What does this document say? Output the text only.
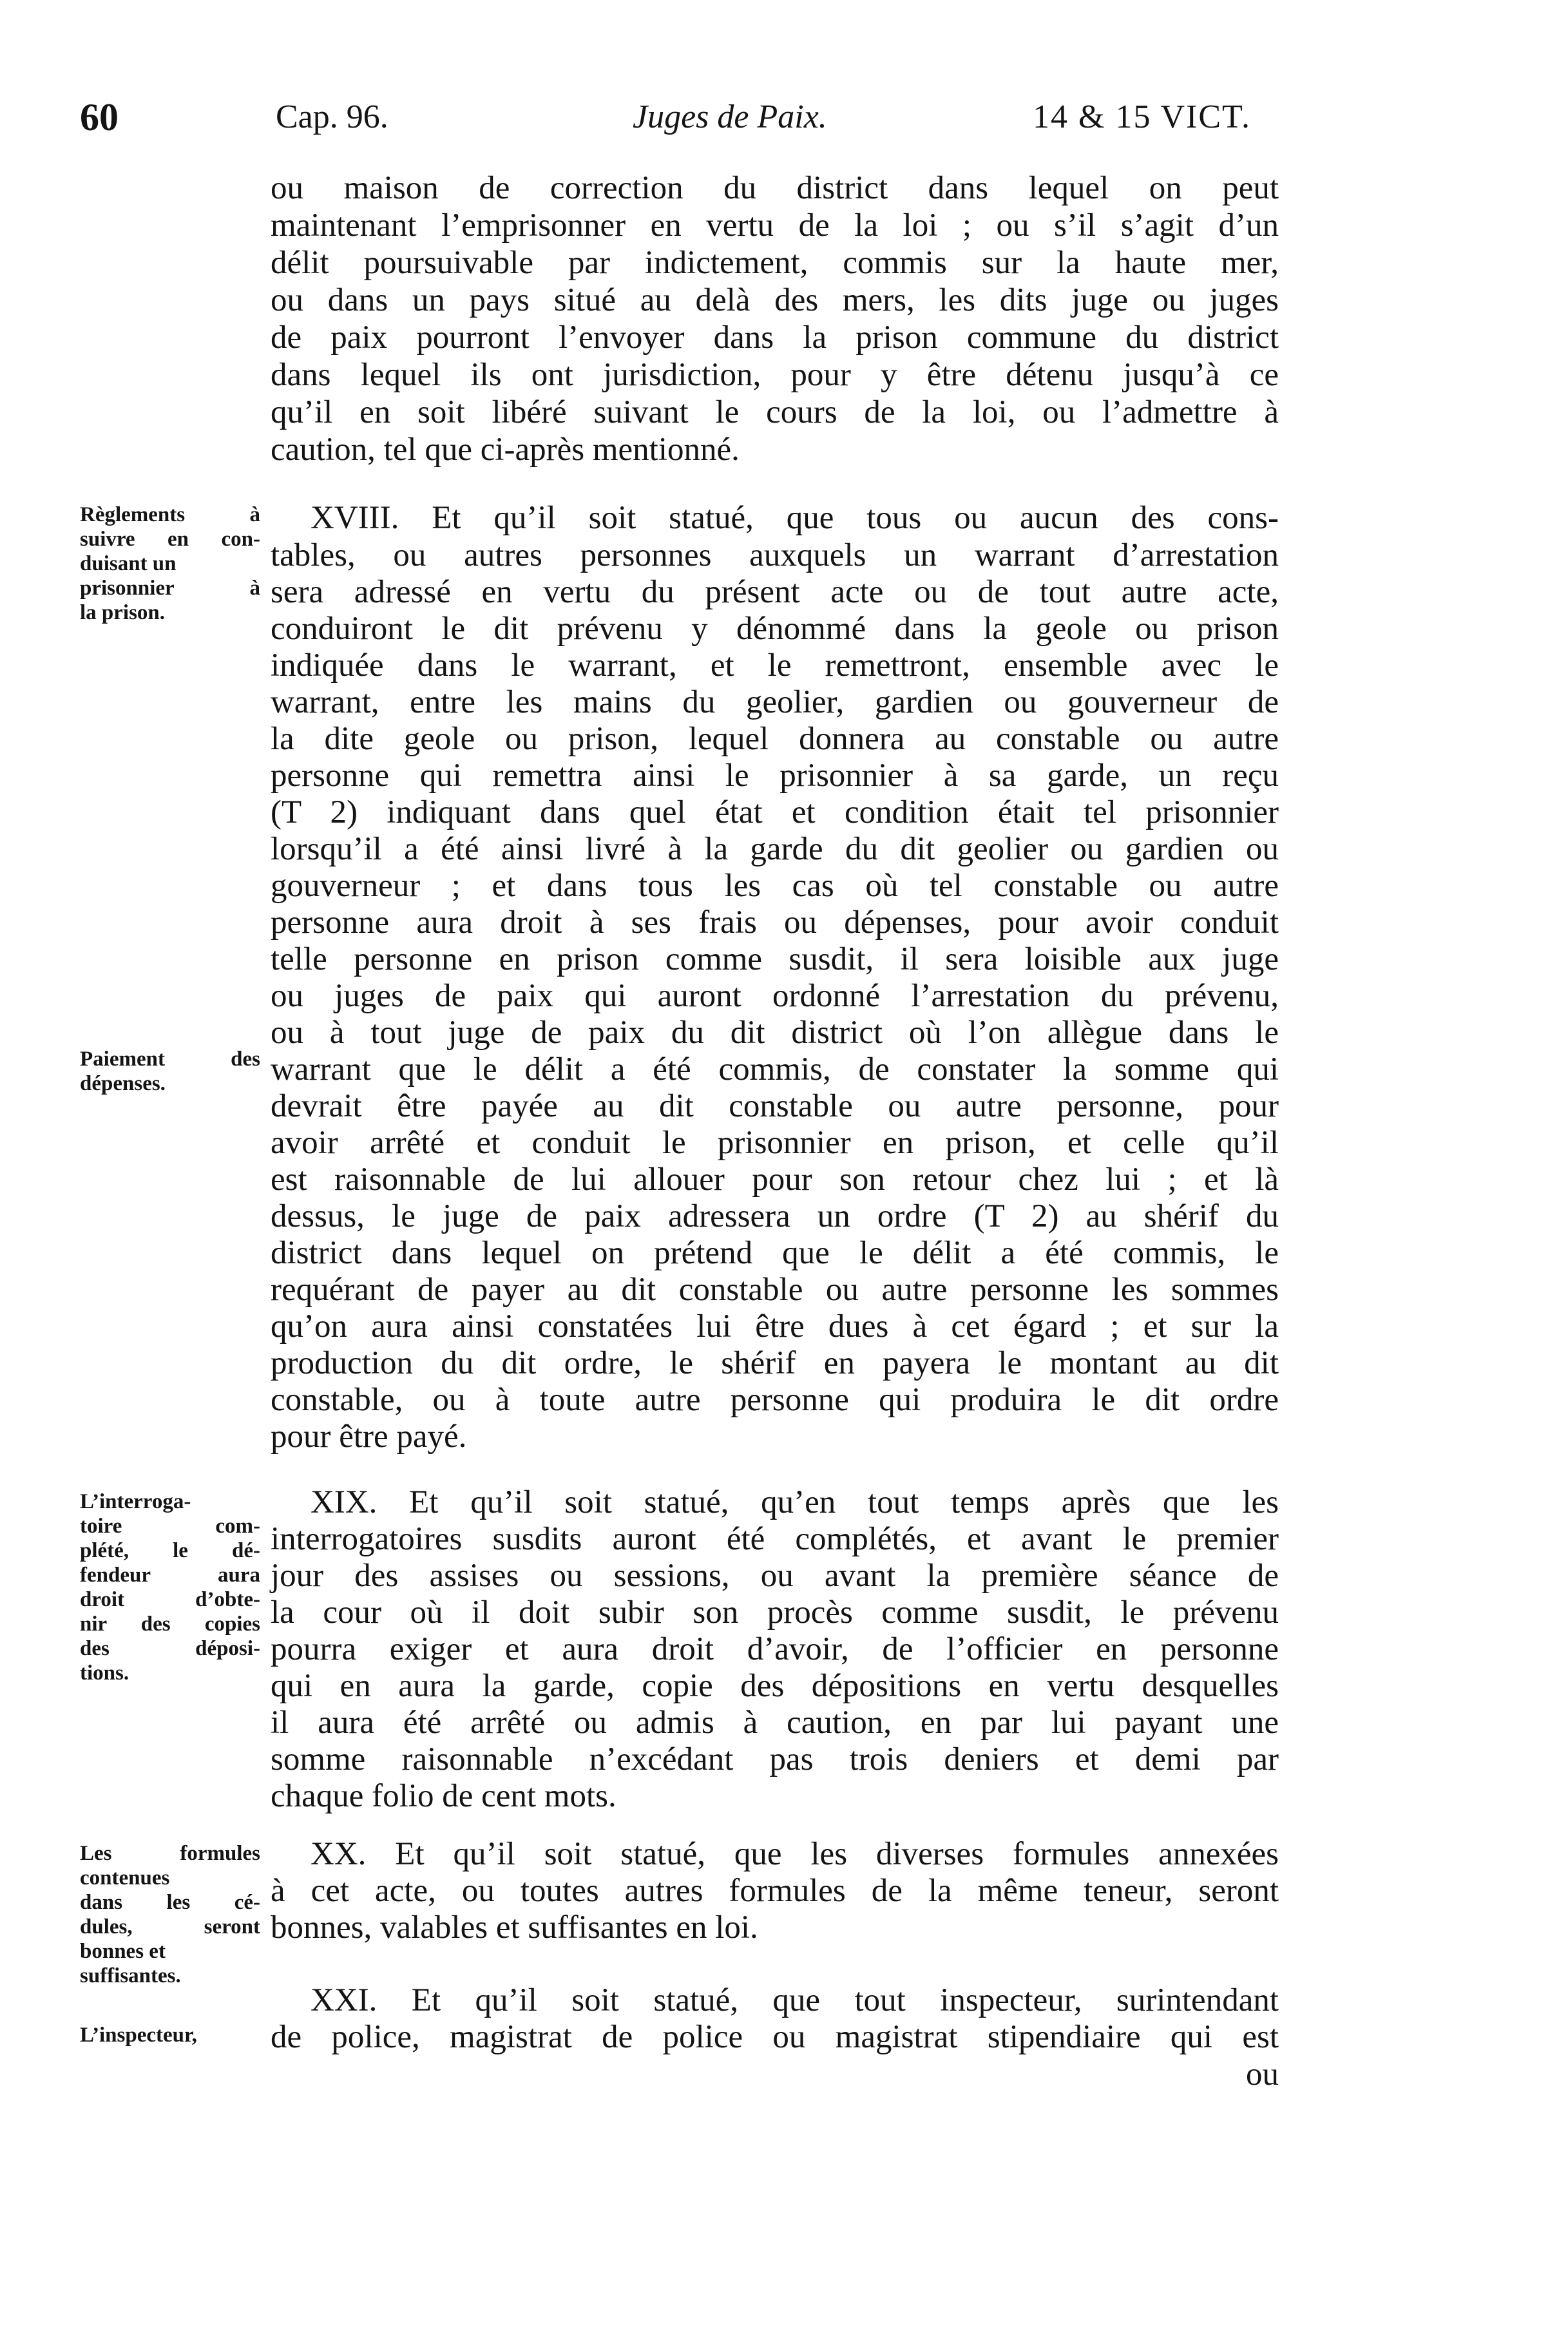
60	Cap. 96.	Juges de Paix.	14 & 15 VICT.
ou maison de correction du district dans lequel on peut
maintenant l’emprisonner en vertu de la loi ; ou s’il s’agit d’un
délit poursuivable par indictement, commis sur la haute mer,
ou dans un pays situé au delà des mers, les dits juge ou juges
de paix pourront l’envoyer dans la prison commune du district
dans lequel ils ont jurisdiction, pour y être détenu jusqu’à ce
qu’il en soit libéré suivant le cours de la loi, ou l’admettre à
caution, tel que ci-après mentionné.
XVIII. Et qu’il soit statué, que tous ou aucun des cons-
tables, ou autres personnes auxquels un warrant d’arrestation
sera adressé en vertu du présent acte ou de tout autre acte,
conduiront le dit prévenu y dénommé dans la geole ou prison
indiquée dans le warrant, et le remettront, ensemble avec le
warrant, entre les mains du geolier, gardien ou gouverneur de
la dite geole ou prison, lequel donnera au constable ou autre
personne qui remettra ainsi le prisonnier à sa garde, un reçu
(T 2) indiquant dans quel état et condition était tel prisonnier
lorsqu’il a été ainsi livré à la garde du dit geolier ou gardien ou
gouverneur ; et dans tous les cas où tel constable ou autre
personne aura droit à ses frais ou dépenses, pour avoir conduit
telle personne en prison comme susdit, il sera loisible aux juge
ou juges de paix qui auront ordonné l’arrestation du prévenu,
ou à tout juge de paix du dit district où l’on allègue dans le
warrant que le délit a été commis, de constater la somme qui
devrait être payée au dit constable ou autre personne, pour
avoir arrêté et conduit le prisonnier en prison, et celle qu’il
est raisonnable de lui allouer pour son retour chez lui ; et là
dessus, le juge de paix adressera un ordre (T 2) au shérif du
district dans lequel on prétend que le délit a été commis, le
requérant de payer au dit constable ou autre personne les sommes
qu’on aura ainsi constatées lui être dues à cet égard ; et sur la
production du dit ordre, le shérif en payera le montant au dit
constable, ou à toute autre personne qui produira le dit ordre
pour être payé.
Règlements à
suivre en con-
duisant un
prisonnier à
la prison.
Paiement des
dépenses.
XIX. Et qu’il soit statué, qu’en tout temps après que les
interrogatoires susdits auront été complétés, et avant le premier
jour des assises ou sessions, ou avant la première séance de
la cour où il doit subir son procès comme susdit, le prévenu
pourra exiger et aura droit d’avoir, de l’officier en personne
qui en aura la garde, copie des dépositions en vertu desquelles
il aura été arrêté ou admis à caution, en par lui payant une
somme raisonnable n’excédant pas trois deniers et demi par
chaque folio de cent mots.
L’interroga-
toire com-
plété, le dé-
fendeur aura
droit d’obte-
nir des copies
des déposi-
tions.
XX. Et qu’il soit statué, que les diverses formules annexées
à cet acte, ou toutes autres formules de la même teneur, seront
bonnes, valables et suffisantes en loi.
Les formules
contenues
dans les cé-
dules, seront
bonnes et
suffisantes.
XXI. Et qu’il soit statué, que tout inspecteur, surintendant
de police, magistrat de police ou magistrat stipendiaire qui est
L’inspecteur,
ou
